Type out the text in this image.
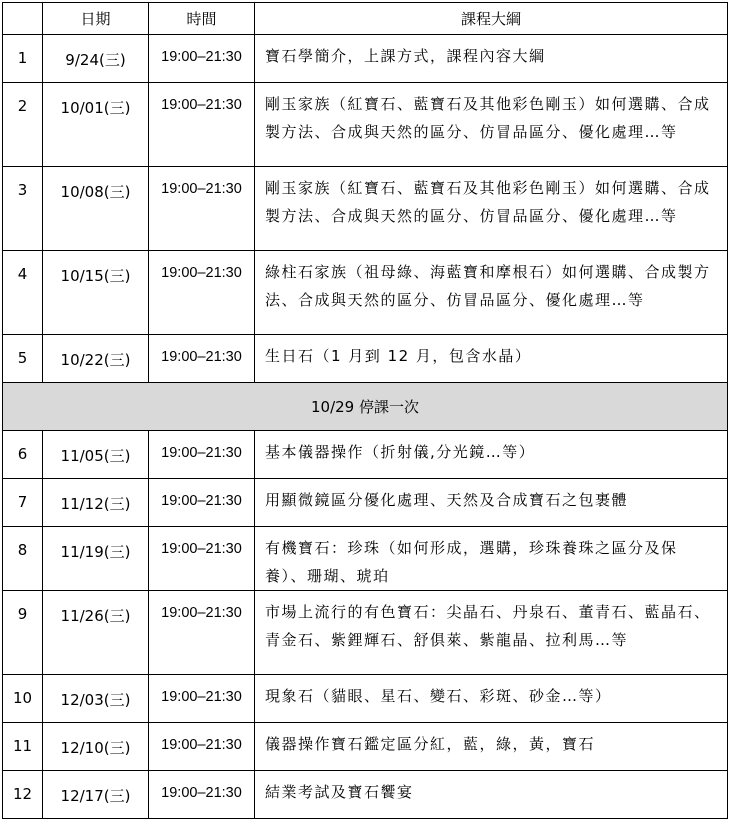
	日期	時間	課程大綱
1	9/24(三)	19:00–21:30	寶石學簡介，上課方式，課程內容大綱
2	10/01(三)	19:00–21:30	剛玉家族（紅寶石、藍寶石及其他彩色剛玉）如何選購、合成製方法、合成與天然的區分、仿冒品區分、優化處理…等
3	10/08(三)	19:00–21:30	剛玉家族（紅寶石、藍寶石及其他彩色剛玉）如何選購、合成製方法、合成與天然的區分、仿冒品區分、優化處理…等
4	10/15(三)	19:00–21:30	綠柱石家族（祖母綠、海藍寶和摩根石）如何選購、合成製方法、合成與天然的區分、仿冒品區分、優化處理…等
5	10/22(三)	19:00–21:30	生日石（1 月到 12 月，包含水晶）
10/29 停課一次			
6	11/05(三)	19:00–21:30	基本儀器操作（折射儀,分光鏡…等）
7	11/12(三)	19:00–21:30	用顯微鏡區分優化處理、天然及合成寶石之包裹體
8	11/19(三)	19:00–21:30	有機寶石：珍珠（如何形成，選購，珍珠養珠之區分及保養）、珊瑚、琥珀
9	11/26(三)	19:00–21:30	市場上流行的有色寶石：尖晶石、丹泉石、董青石、藍晶石、青金石、紫鋰輝石、舒俱萊、紫龍晶、拉利馬…等
10	12/03(三)	19:00–21:30	現象石（貓眼、星石、變石、彩斑、砂金…等）
11	12/10(三)	19:00–21:30	儀器操作寶石鑑定區分紅，藍，綠，黃，寶石
12	12/17(三)	19:00–21:30	結業考試及寶石饗宴
